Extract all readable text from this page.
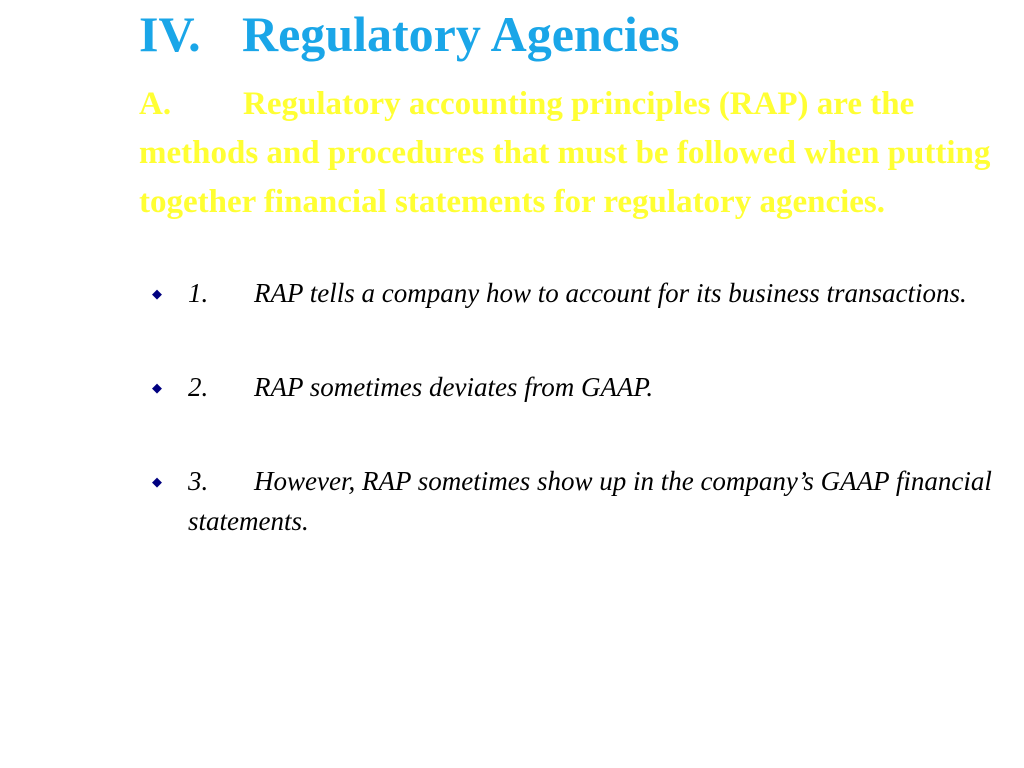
IV. Regulatory Agencies
A. Regulatory accounting principles (RAP) are the methods and procedures that must be followed when putting together financial statements for regulatory agencies.
◆ 1. RAP tells a company how to account for its business transactions.
◆ 2. RAP sometimes deviates from GAAP.
◆ 3. However, RAP sometimes show up in the company’s GAAP financial statements.
